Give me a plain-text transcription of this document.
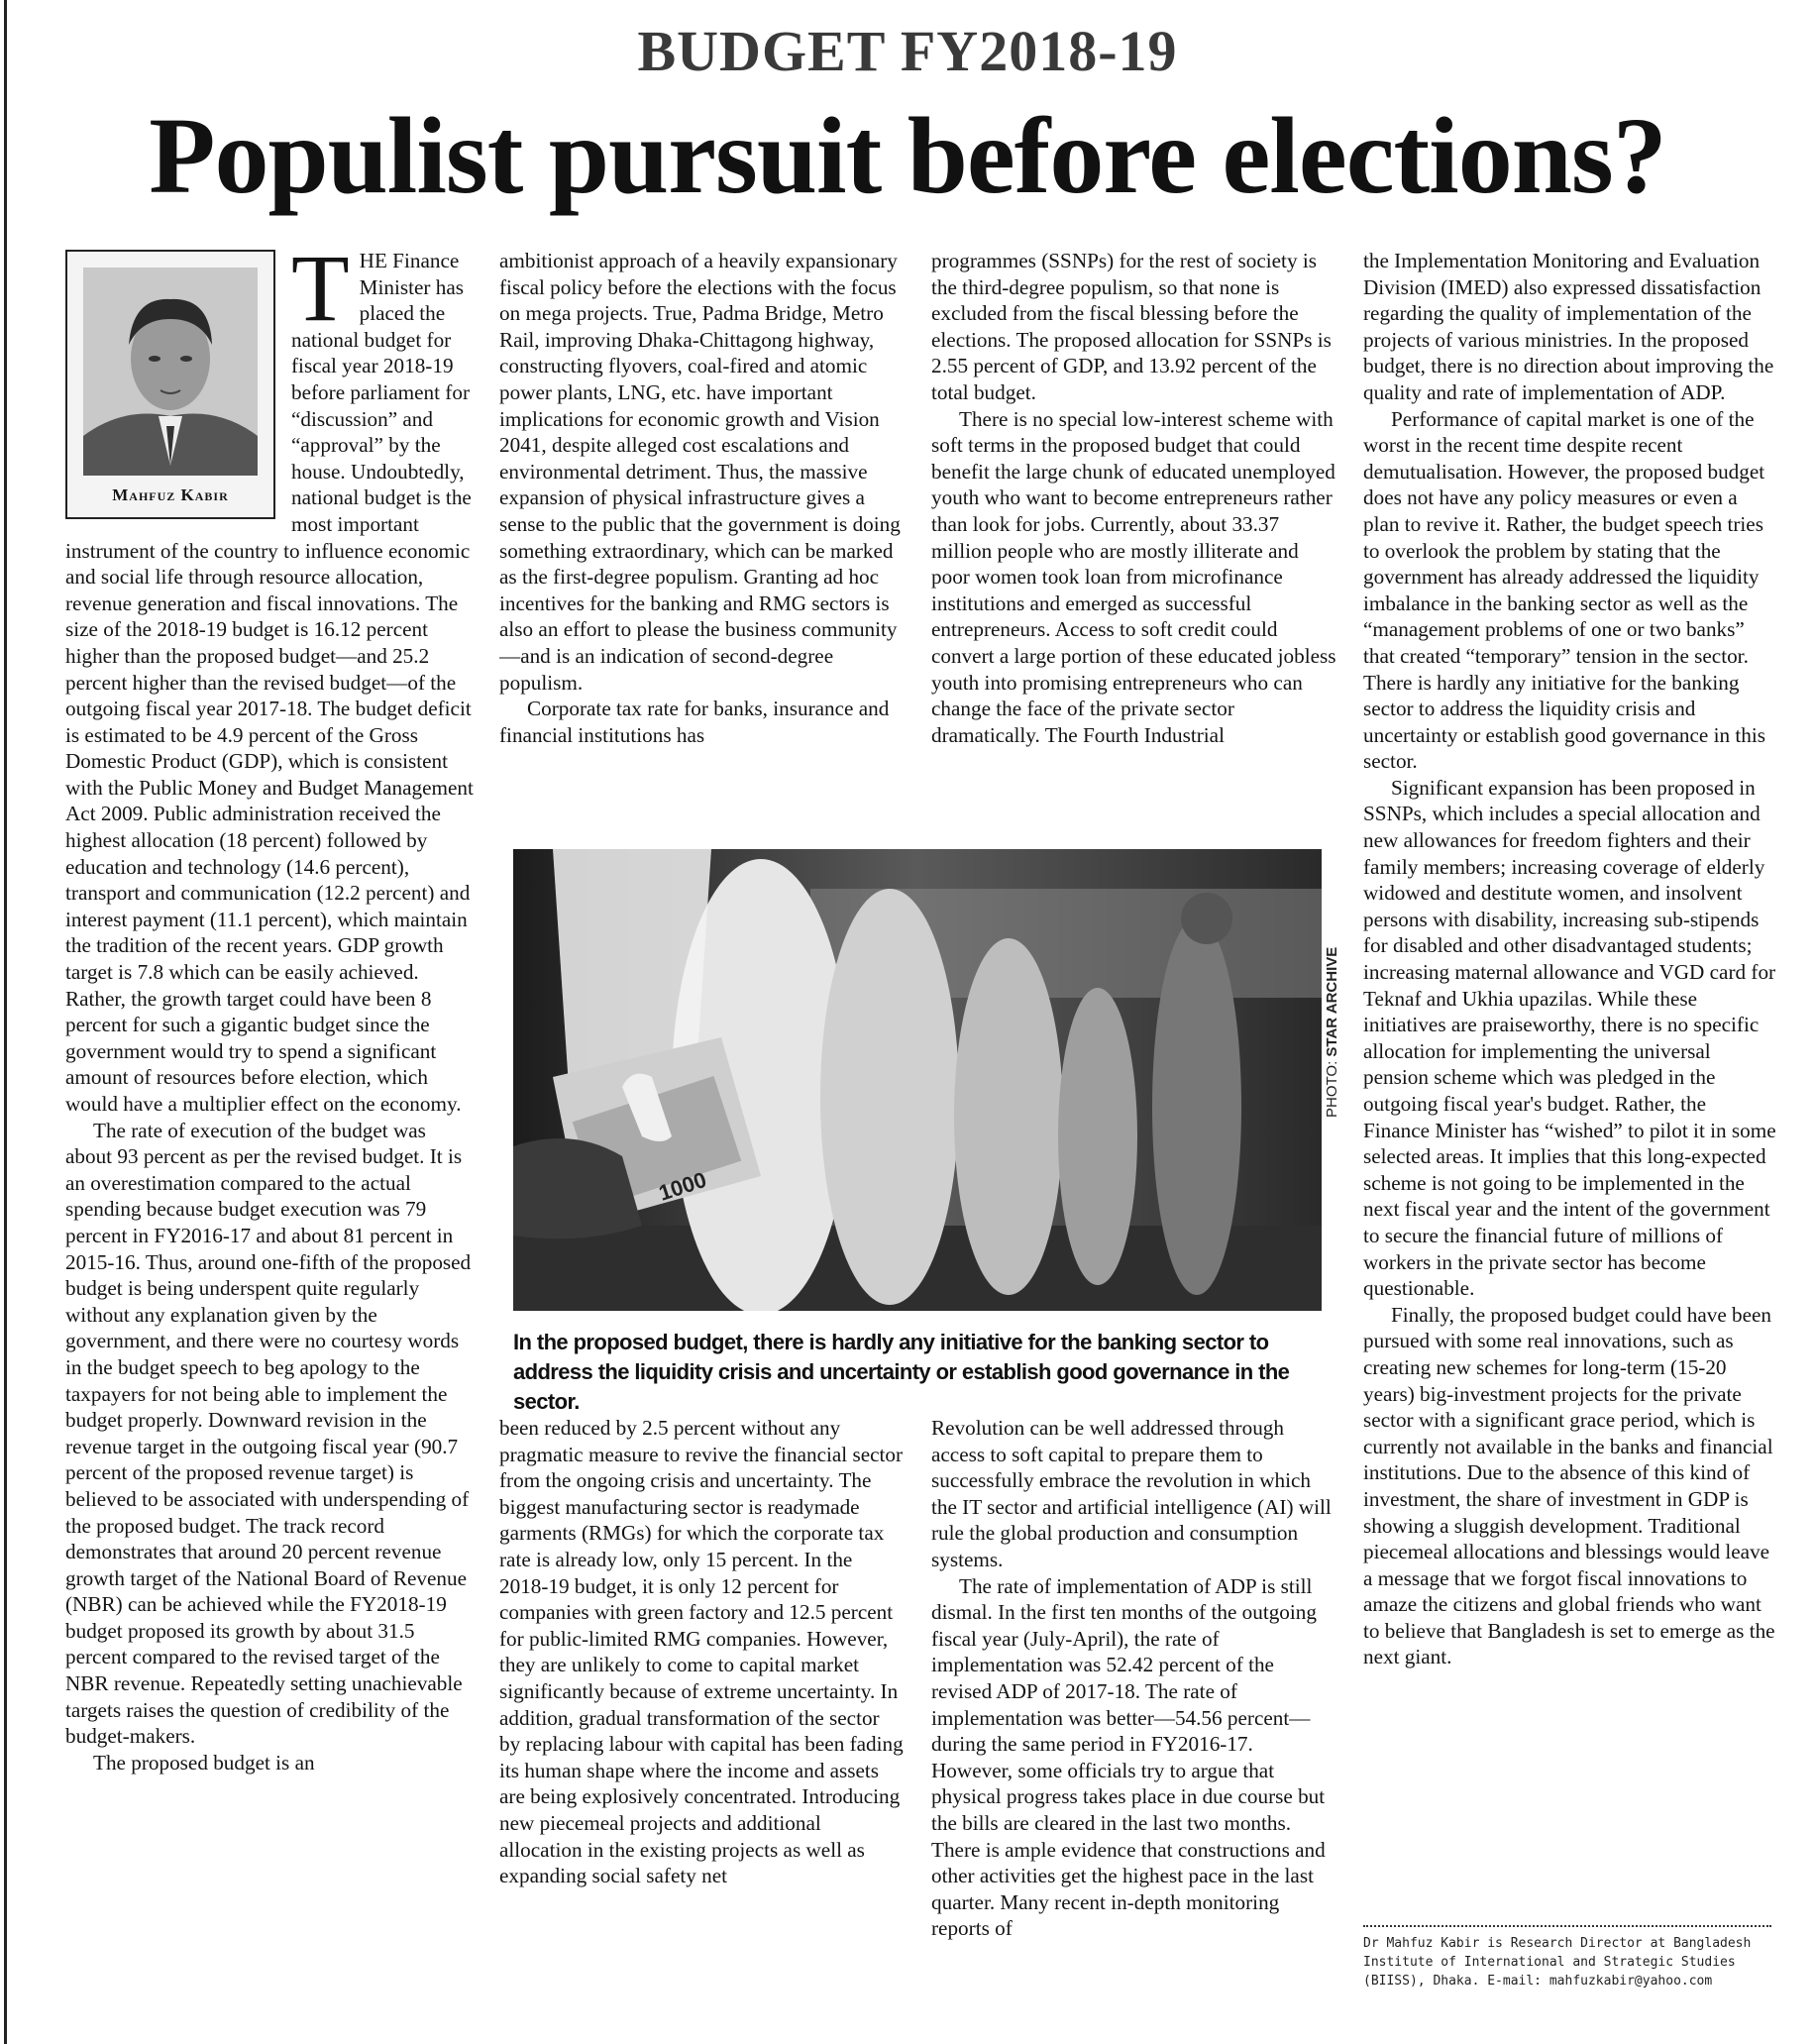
BUDGET FY2018-19
Populist pursuit before elections?
Mahfuz Kabir
T HE Finance Minister has placed the national budget for fiscal year 2018-19 before parliament for “discussion” and “approval” by the house. Undoubtedly, national budget is the most important instrument of the country to influence economic and social life through resource allocation, revenue generation and fiscal innovations. The size of the 2018-19 budget is 16.12 percent higher than the proposed budget—and 25.2 percent higher than the revised budget—of the outgoing fiscal year 2017-18. The budget deficit is estimated to be 4.9 percent of the Gross Domestic Product (GDP), which is consistent with the Public Money and Budget Management Act 2009. Public administration received the highest allocation (18 percent) followed by education and technology (14.6 percent), transport and communication (12.2 percent) and interest payment (11.1 percent), which maintain the tradition of the recent years. GDP growth target is 7.8 which can be easily achieved. Rather, the growth target could have been 8 percent for such a gigantic budget since the government would try to spend a significant amount of resources before election, which would have a multiplier effect on the economy.

The rate of execution of the budget was about 93 percent as per the revised budget. It is an overestimation compared to the actual spending because budget execution was 79 percent in FY2016-17 and about 81 percent in 2015-16. Thus, around one-fifth of the proposed budget is being underspent quite regularly without any explanation given by the government, and there were no courtesy words in the budget speech to beg apology to the taxpayers for not being able to implement the budget properly. Downward revision in the revenue target in the outgoing fiscal year (90.7 percent of the proposed revenue target) is believed to be associated with underspending of the proposed budget. The track record demonstrates that around 20 percent revenue growth target of the National Board of Revenue (NBR) can be achieved while the FY2018-19 budget proposed its growth by about 31.5 percent compared to the revised target of the NBR revenue. Repeatedly setting unachievable targets raises the question of credibility of the budget-makers.

The proposed budget is an

ambitionist approach of a heavily expansionary fiscal policy before the elections with the focus on mega projects. True, Padma Bridge, Metro Rail, improving Dhaka-Chittagong highway, constructing flyovers, coal-fired and atomic power plants, LNG, etc. have important implications for economic growth and Vision 2041, despite alleged cost escalations and environmental detriment. Thus, the massive expansion of physical infrastructure gives a sense to the public that the government is doing something extraordinary, which can be marked as the first-degree populism. Granting ad hoc incentives for the banking and RMG sectors is also an effort to please the business community—and is an indication of second-degree populism.

Corporate tax rate for banks, insurance and financial institutions has

programmes (SSNPs) for the rest of society is the third-degree populism, so that none is excluded from the fiscal blessing before the elections. The proposed allocation for SSNPs is 2.55 percent of GDP, and 13.92 percent of the total budget.

There is no special low-interest scheme with soft terms in the proposed budget that could benefit the large chunk of educated unemployed youth who want to become entrepreneurs rather than look for jobs. Currently, about 33.37 million people who are mostly illiterate and poor women took loan from microfinance institutions and emerged as successful entrepreneurs. Access to soft credit could convert a large portion of these educated jobless youth into promising entrepreneurs who can change the face of the private sector dramatically. The Fourth Industrial

1000
PHOTO: STAR ARCHIVE
In the proposed budget, there is hardly any initiative for the banking sector to address the liquidity crisis and uncertainty or establish good governance in the sector.

been reduced by 2.5 percent without any pragmatic measure to revive the financial sector from the ongoing crisis and uncertainty. The biggest manufacturing sector is readymade garments (RMGs) for which the corporate tax rate is already low, only 15 percent. In the 2018-19 budget, it is only 12 percent for companies with green factory and 12.5 percent for public-limited RMG companies. However, they are unlikely to come to capital market significantly because of extreme uncertainty. In addition, gradual transformation of the sector by replacing labour with capital has been fading its human shape where the income and assets are being explosively concentrated. Introducing new piecemeal projects and additional allocation in the existing projects as well as expanding social safety net

Revolution can be well addressed through access to soft capital to prepare them to successfully embrace the revolution in which the IT sector and artificial intelligence (AI) will rule the global production and consumption systems.

The rate of implementation of ADP is still dismal. In the first ten months of the outgoing fiscal year (July-April), the rate of implementation was 52.42 percent of the revised ADP of 2017-18. The rate of implementation was better—54.56 percent—during the same period in FY2016-17. However, some officials try to argue that physical progress takes place in due course but the bills are cleared in the last two months. There is ample evidence that constructions and other activities get the highest pace in the last quarter. Many recent in-depth monitoring reports of

the Implementation Monitoring and Evaluation Division (IMED) also expressed dissatisfaction regarding the quality of implementation of the projects of various ministries. In the proposed budget, there is no direction about improving the quality and rate of implementation of ADP.

Performance of capital market is one of the worst in the recent time despite recent demutualisation. However, the proposed budget does not have any policy measures or even a plan to revive it. Rather, the budget speech tries to overlook the problem by stating that the government has already addressed the liquidity imbalance in the banking sector as well as the “management problems of one or two banks” that created “temporary” tension in the sector. There is hardly any initiative for the banking sector to address the liquidity crisis and uncertainty or establish good governance in this sector.

Significant expansion has been proposed in SSNPs, which includes a special allocation and new allowances for freedom fighters and their family members; increasing coverage of elderly widowed and destitute women, and insolvent persons with disability, increasing sub-stipends for disabled and other disadvantaged students; increasing maternal allowance and VGD card for Teknaf and Ukhia upazilas. While these initiatives are praiseworthy, there is no specific allocation for implementing the universal pension scheme which was pledged in the outgoing fiscal year's budget. Rather, the Finance Minister has “wished” to pilot it in some selected areas. It implies that this long-expected scheme is not going to be implemented in the next fiscal year and the intent of the government to secure the financial future of millions of workers in the private sector has become questionable.

Finally, the proposed budget could have been pursued with some real innovations, such as creating new schemes for long-term (15-20 years) big-investment projects for the private sector with a significant grace period, which is currently not available in the banks and financial institutions. Due to the absence of this kind of investment, the share of investment in GDP is showing a sluggish development. Traditional piecemeal allocations and blessings would leave a message that we forgot fiscal innovations to amaze the citizens and global friends who want to believe that Bangladesh is set to emerge as the next giant.

Dr Mahfuz Kabir is Research Director at Bangladesh Institute of International and Strategic Studies (BIISS), Dhaka. E-mail: mahfuzkabir@yahoo.com
